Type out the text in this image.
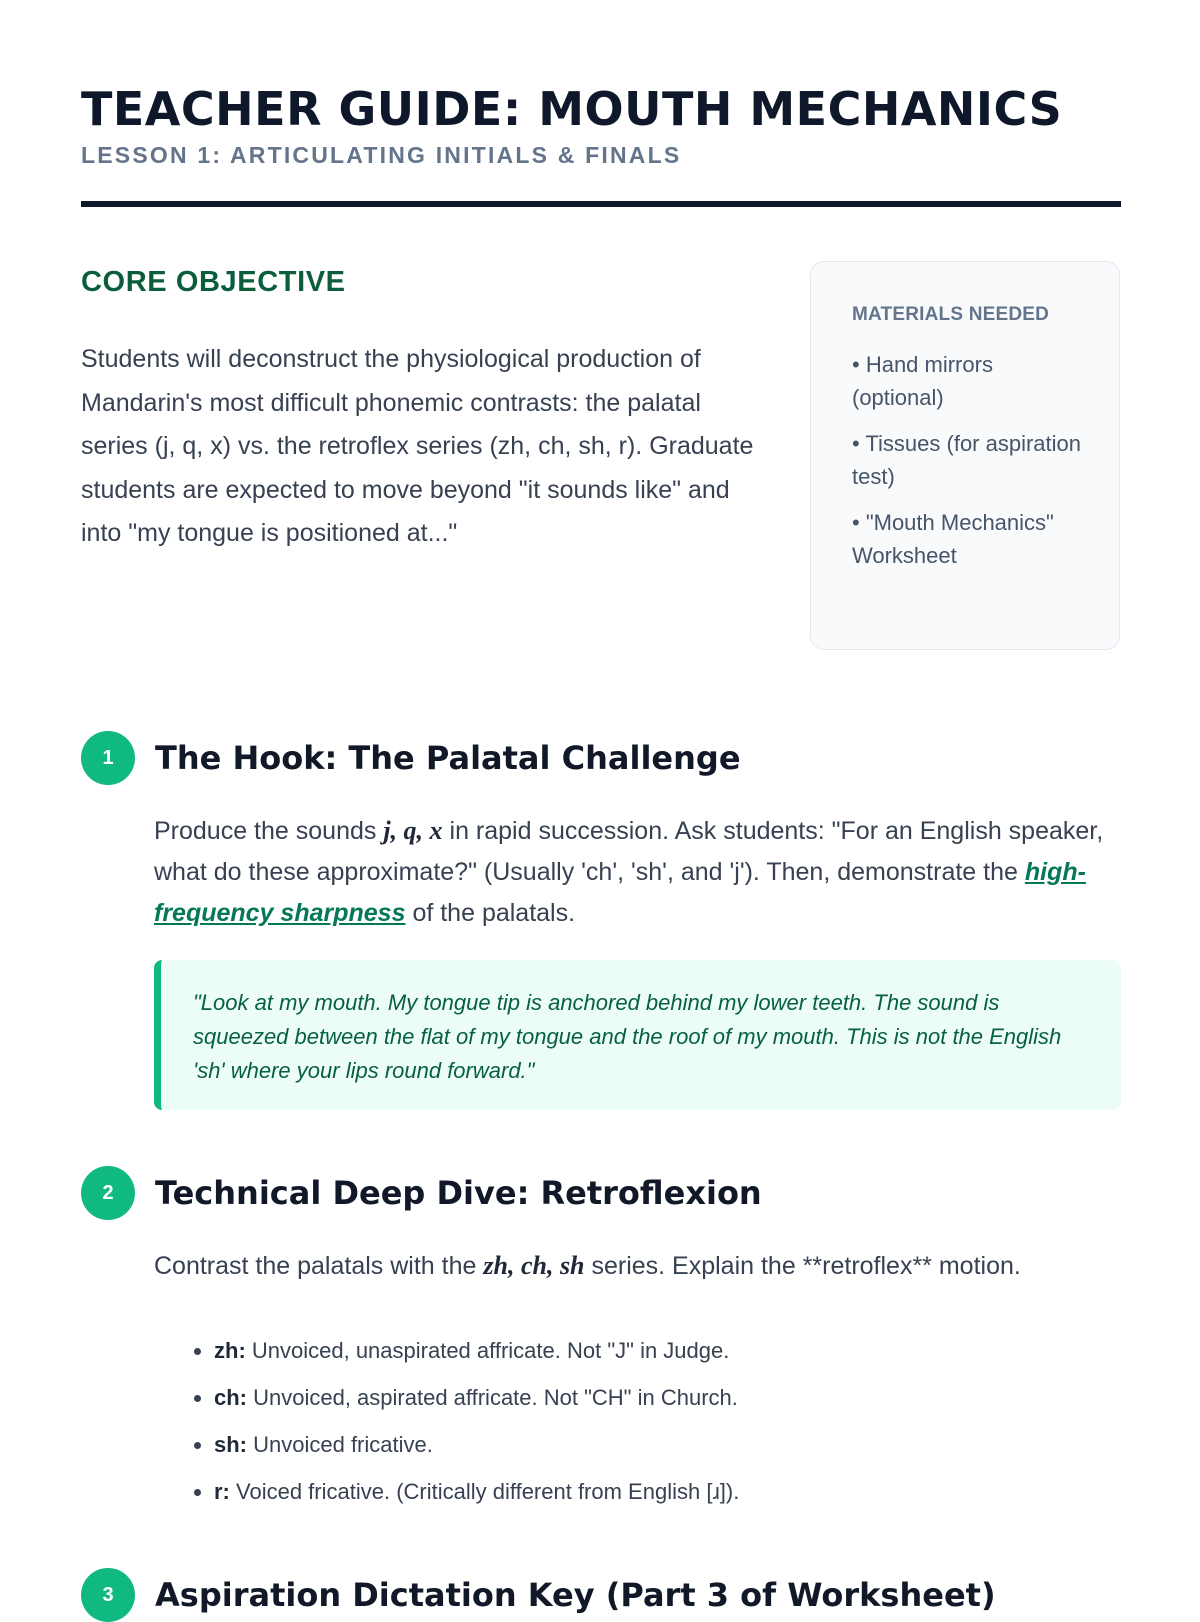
TEACHER GUIDE: MOUTH MECHANICS
LESSON 1: ARTICULATING INITIALS & FINALS
CORE OBJECTIVE

Students will deconstruct the physiological production of Mandarin's most difficult phonemic contrasts: the palatal series (j, q, x) vs. the retroflex series (zh, ch, sh, r). Graduate students are expected to move beyond "it sounds like" and into "my tongue is positioned at..."

MATERIALS NEEDED
• Hand mirrors (optional)
• Tissues (for aspiration test)
• "Mouth Mechanics" Worksheet
1	The Hook: The Palatal Challenge

Produce the sounds j, q, x in rapid succession. Ask students: "For an English speaker, what do these approximate?" (Usually 'ch', 'sh', and 'j'). Then, demonstrate the high-frequency sharpness of the palatals.

"Look at my mouth. My tongue tip is anchored behind my lower teeth. The sound is squeezed between the flat of my tongue and the roof of my mouth. This is not the English 'sh' where your lips round forward."
2	Technical Deep Dive: Retroflexion

Contrast the palatals with the zh, ch, sh series. Explain the **retroflex** motion.

• zh: Unvoiced, unaspirated affricate. Not "J" in Judge.
• ch: Unvoiced, aspirated affricate. Not "CH" in Church.
• sh: Unvoiced fricative.
• r: Voiced fricative. (Critically different from English [ɹ]).
3	Aspiration Dictation Key (Part 3 of Worksheet)
